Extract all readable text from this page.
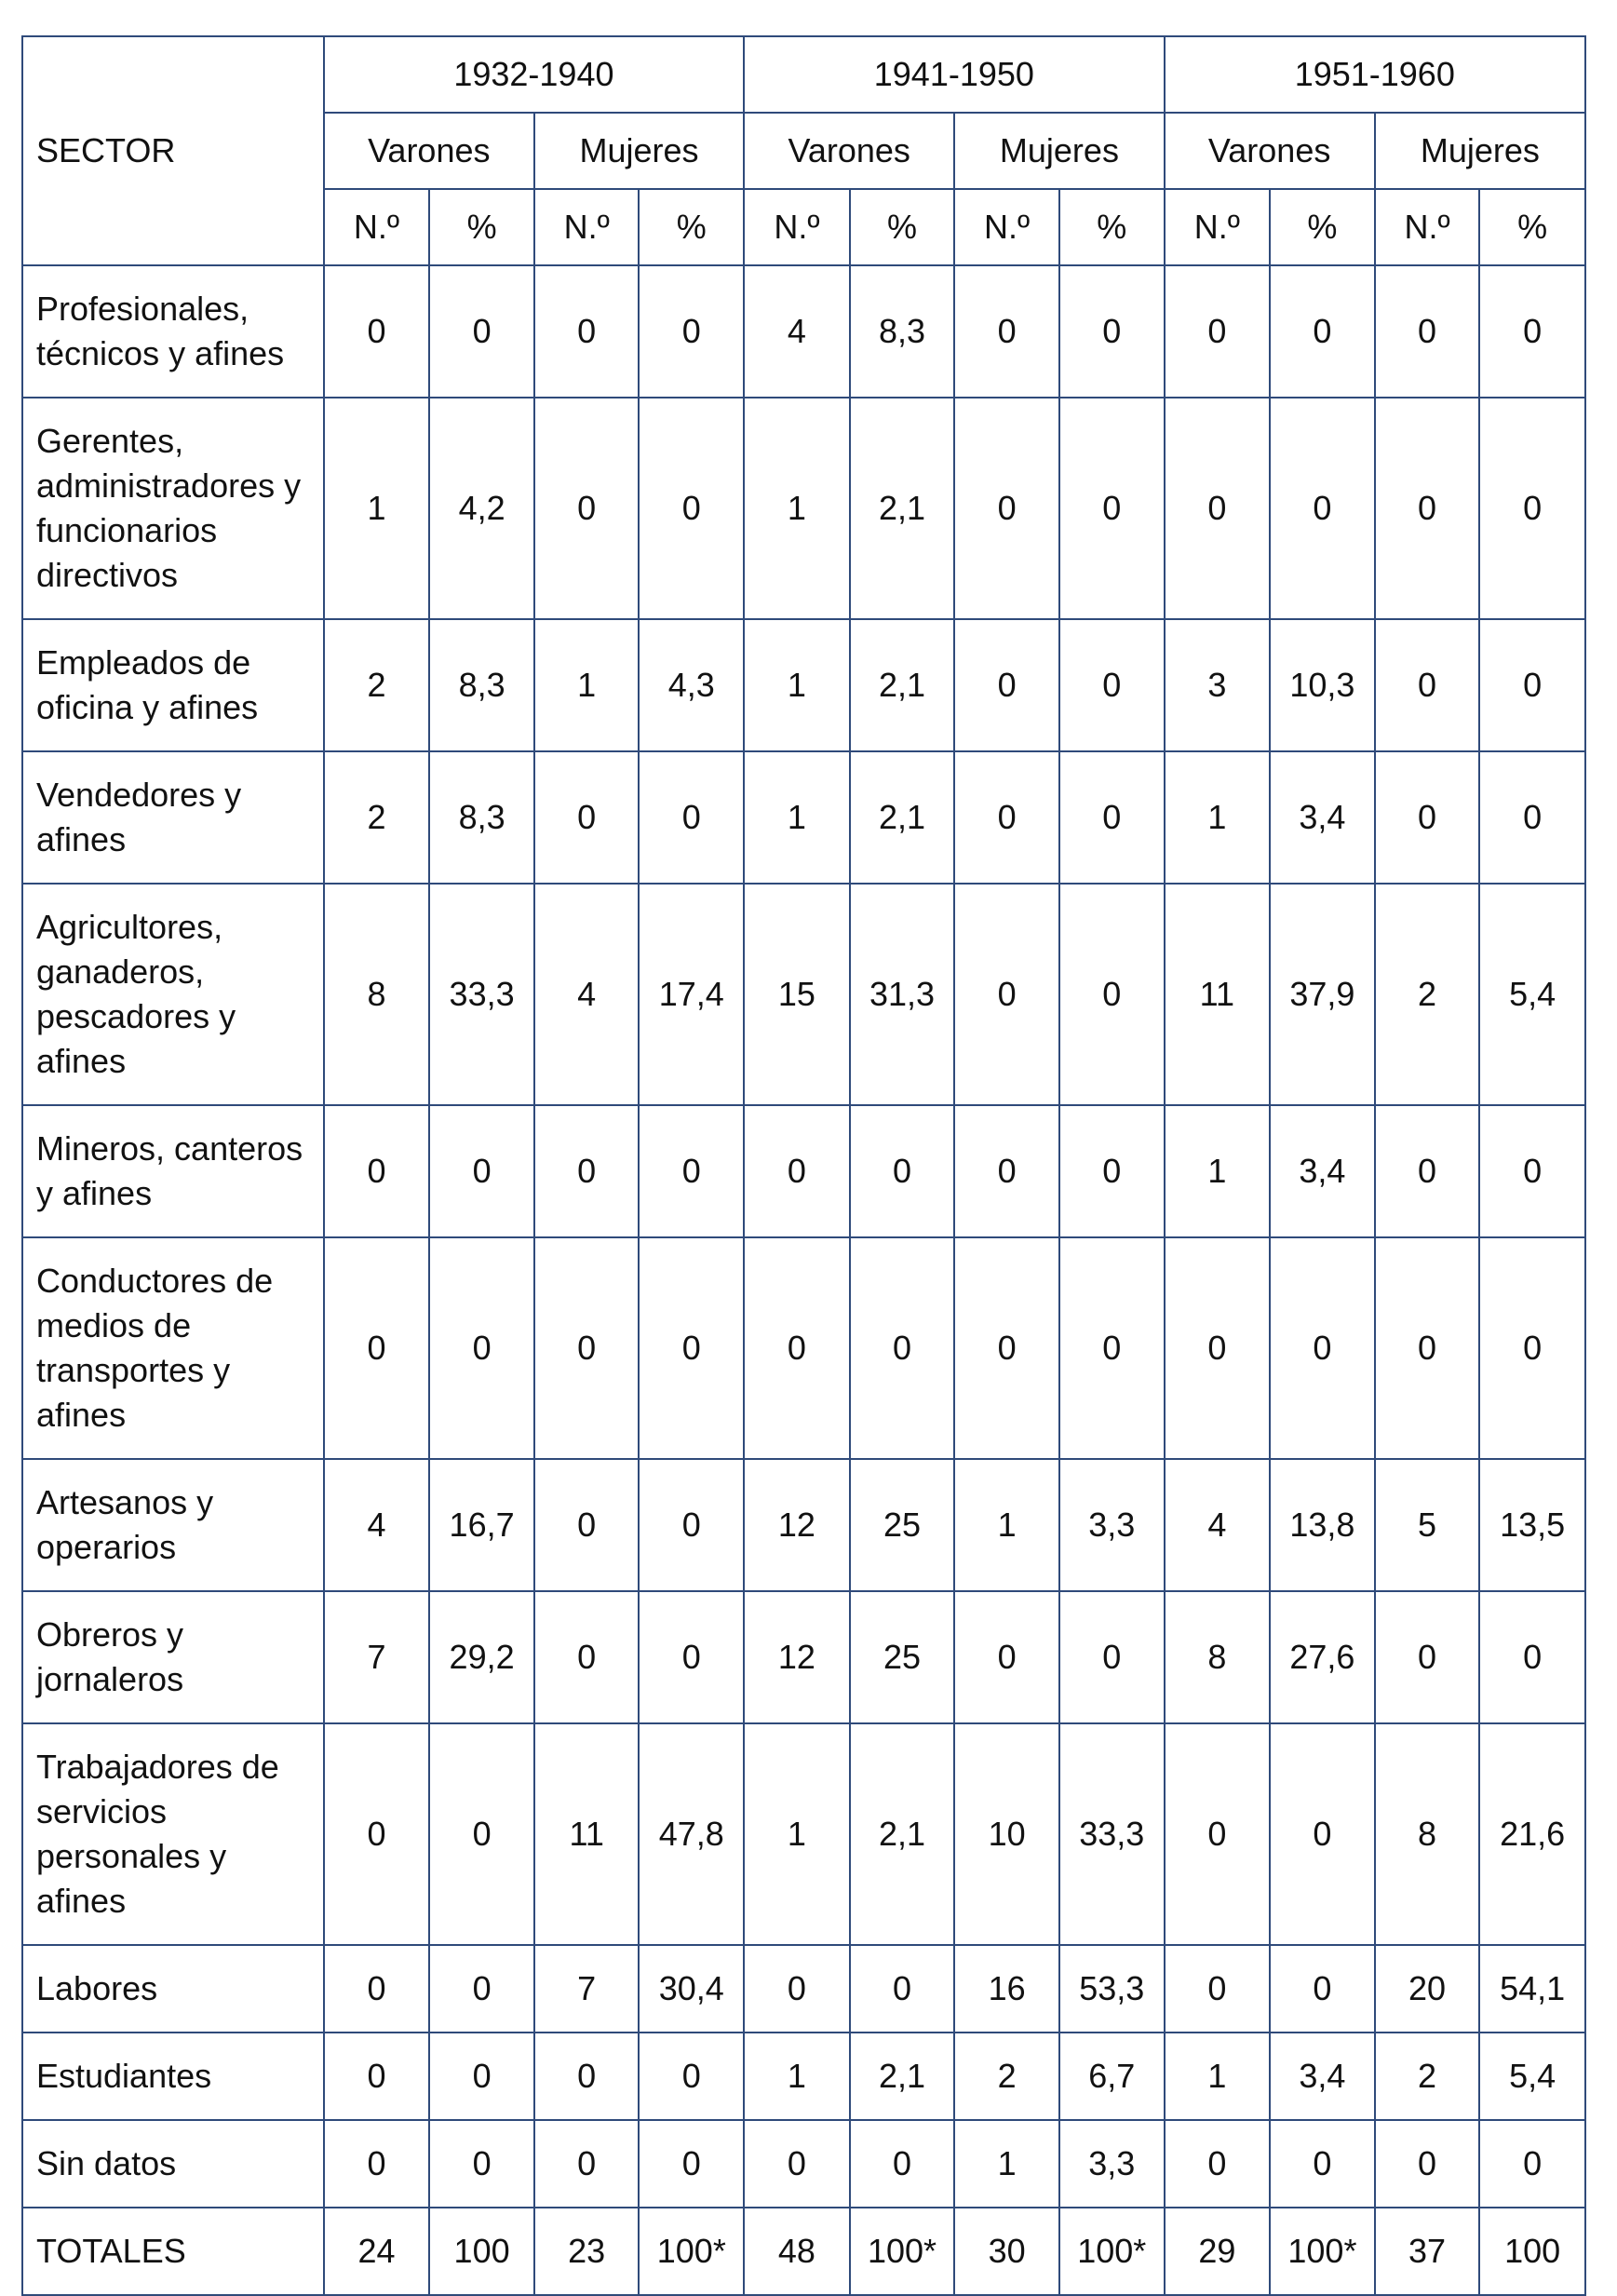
SECTOR	1932-1940				1941-1950				1951-1960			
	Varones		Mujeres		Varones		Mujeres		Varones		Mujeres	
	N.º	%	N.º	%	N.º	%	N.º	%	N.º	%	N.º	%
Profesionales, técnicos y afines	0	0	0	0	4	8,3	0	0	0	0	0	0
Gerentes, administradores y funcionarios directivos	1	4,2	0	0	1	2,1	0	0	0	0	0	0
Empleados de oficina y afines	2	8,3	1	4,3	1	2,1	0	0	3	10,3	0	0
Vendedores y afines	2	8,3	0	0	1	2,1	0	0	1	3,4	0	0
Agricultores, ganaderos, pescadores y afines	8	33,3	4	17,4	15	31,3	0	0	11	37,9	2	5,4
Mineros, canteros y afines	0	0	0	0	0	0	0	0	1	3,4	0	0
Conductores de medios de transportes y afines	0	0	0	0	0	0	0	0	0	0	0	0
Artesanos y operarios	4	16,7	0	0	12	25	1	3,3	4	13,8	5	13,5
Obreros y jornaleros	7	29,2	0	0	12	25	0	0	8	27,6	0	0
Trabajadores de servicios personales y afines	0	0	11	47,8	1	2,1	10	33,3	0	0	8	21,6
Labores	0	0	7	30,4	0	0	16	53,3	0	0	20	54,1
Estudiantes	0	0	0	0	1	2,1	2	6,7	1	3,4	2	5,4
Sin datos	0	0	0	0	0	0	1	3,3	0	0	0	0
TOTALES	24	100	23	100*	48	100*	30	100*	29	100*	37	100
